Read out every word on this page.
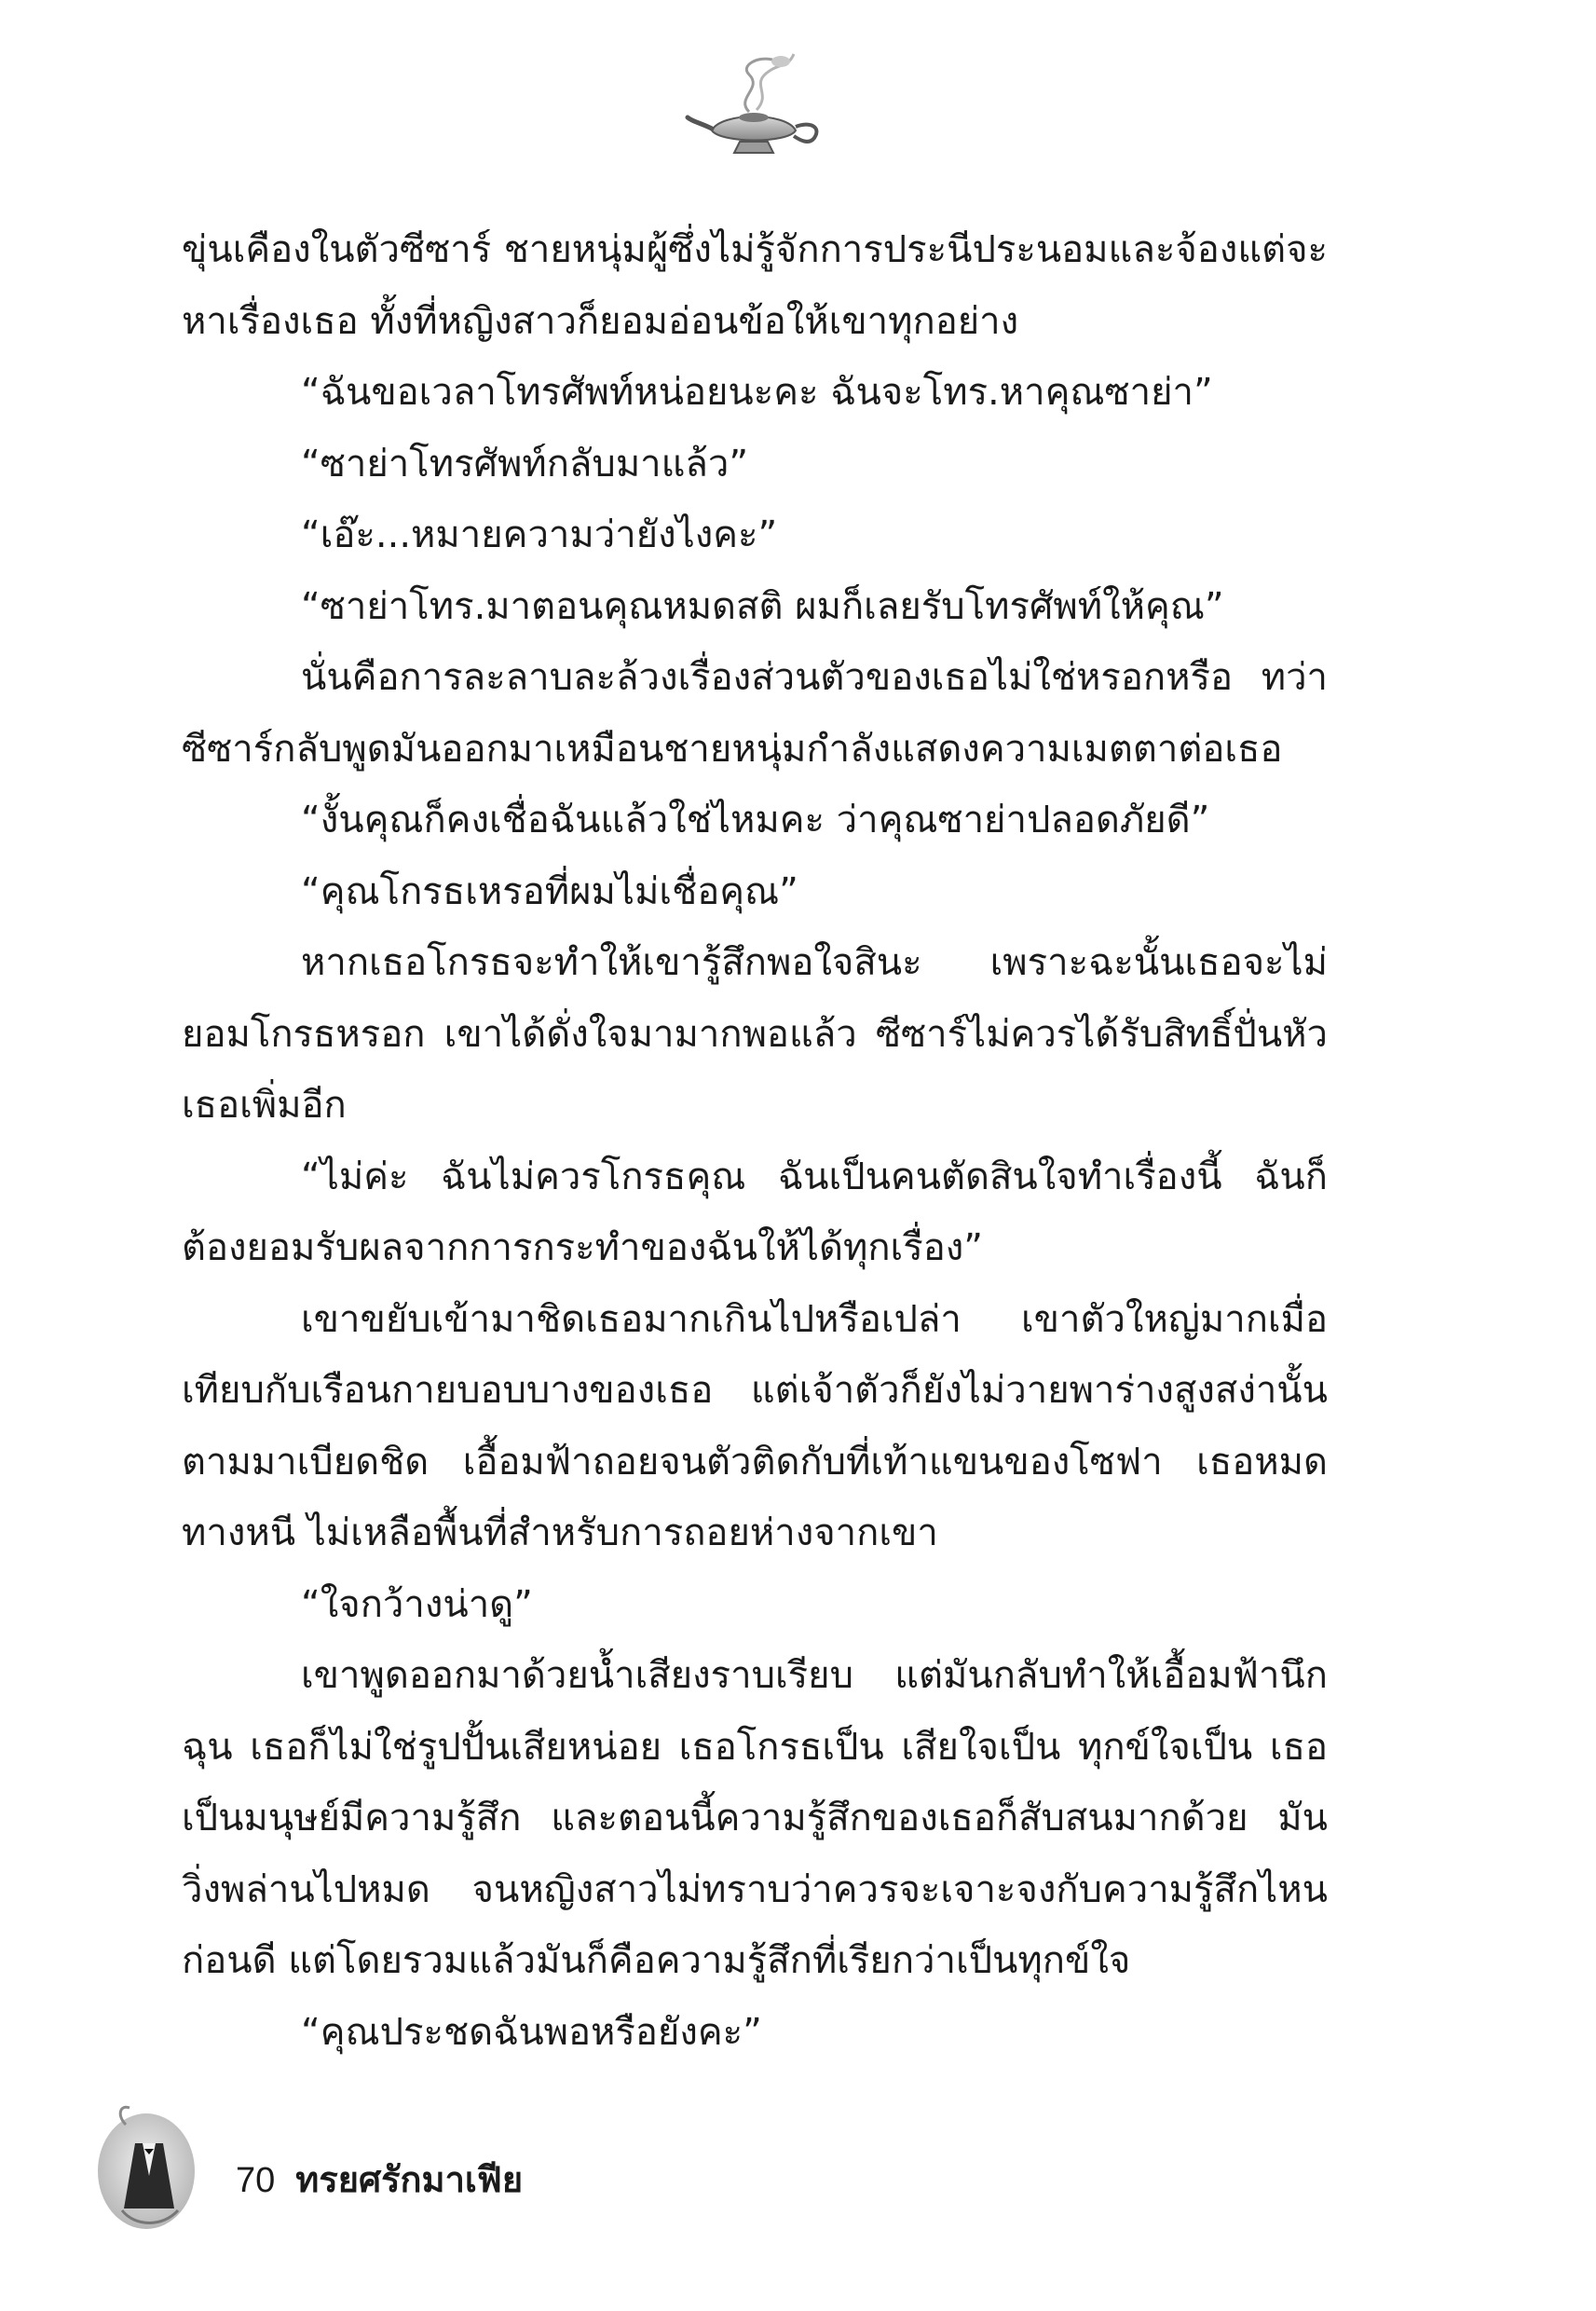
ขุ่นเคืองในตัวซีซาร์ ชายหนุ่มผู้ซึ่งไม่รู้จักการประนีประนอมและจ้องแต่จะหาเรื่องเธอ ทั้งที่หญิงสาวก็ยอมอ่อนข้อให้เขาทุกอย่าง

“ฉันขอเวลาโทรศัพท์หน่อยนะคะ ฉันจะโทร.หาคุณซาย่า”

“ซาย่าโทรศัพท์กลับมาแล้ว”

“เอ๊ะ...หมายความว่ายังไงคะ”

“ซาย่าโทร.มาตอนคุณหมดสติ ผมก็เลยรับโทรศัพท์ให้คุณ”

นั่นคือการละลาบละล้วงเรื่องส่วนตัวของเธอไม่ใช่หรอกหรือ ทว่าซีซาร์กลับพูดมันออกมาเหมือนชายหนุ่มกำลังแสดงความเมตตาต่อเธอ

“งั้นคุณก็คงเชื่อฉันแล้วใช่ไหมคะ ว่าคุณซาย่าปลอดภัยดี”

“คุณโกรธเหรอที่ผมไม่เชื่อคุณ”

หากเธอโกรธจะทำให้เขารู้สึกพอใจสินะ เพราะฉะนั้นเธอจะไม่ยอมโกรธหรอก เขาได้ดั่งใจมามากพอแล้ว ซีซาร์ไม่ควรได้รับสิทธิ์ปั่นหัวเธอเพิ่มอีก

“ไม่ค่ะ ฉันไม่ควรโกรธคุณ ฉันเป็นคนตัดสินใจทำเรื่องนี้ ฉันก็ต้องยอมรับผลจากการกระทำของฉันให้ได้ทุกเรื่อง”

เขาขยับเข้ามาชิดเธอมากเกินไปหรือเปล่า เขาตัวใหญ่มากเมื่อเทียบกับเรือนกายบอบบางของเธอ แต่เจ้าตัวก็ยังไม่วายพาร่างสูงสง่านั้นตามมาเบียดชิด เอื้อมฟ้าถอยจนตัวติดกับที่เท้าแขนของโซฟา เธอหมดทางหนี ไม่เหลือพื้นที่สำหรับการถอยห่างจากเขา

“ใจกว้างน่าดู”

เขาพูดออกมาด้วยน้ำเสียงราบเรียบ แต่มันกลับทำให้เอื้อมฟ้านึกฉุน เธอก็ไม่ใช่รูปปั้นเสียหน่อย เธอโกรธเป็น เสียใจเป็น ทุกข์ใจเป็น เธอเป็นมนุษย์มีความรู้สึก และตอนนี้ความรู้สึกของเธอก็สับสนมากด้วย มันวิ่งพล่านไปหมด จนหญิงสาวไม่ทราบว่าควรจะเจาะจงกับความรู้สึกไหนก่อนดี แต่โดยรวมแล้วมันก็คือความรู้สึกที่เรียกว่าเป็นทุกข์ใจ

“คุณประชดฉันพอหรือยังคะ”

70 ทรยศรักมาเฟีย
